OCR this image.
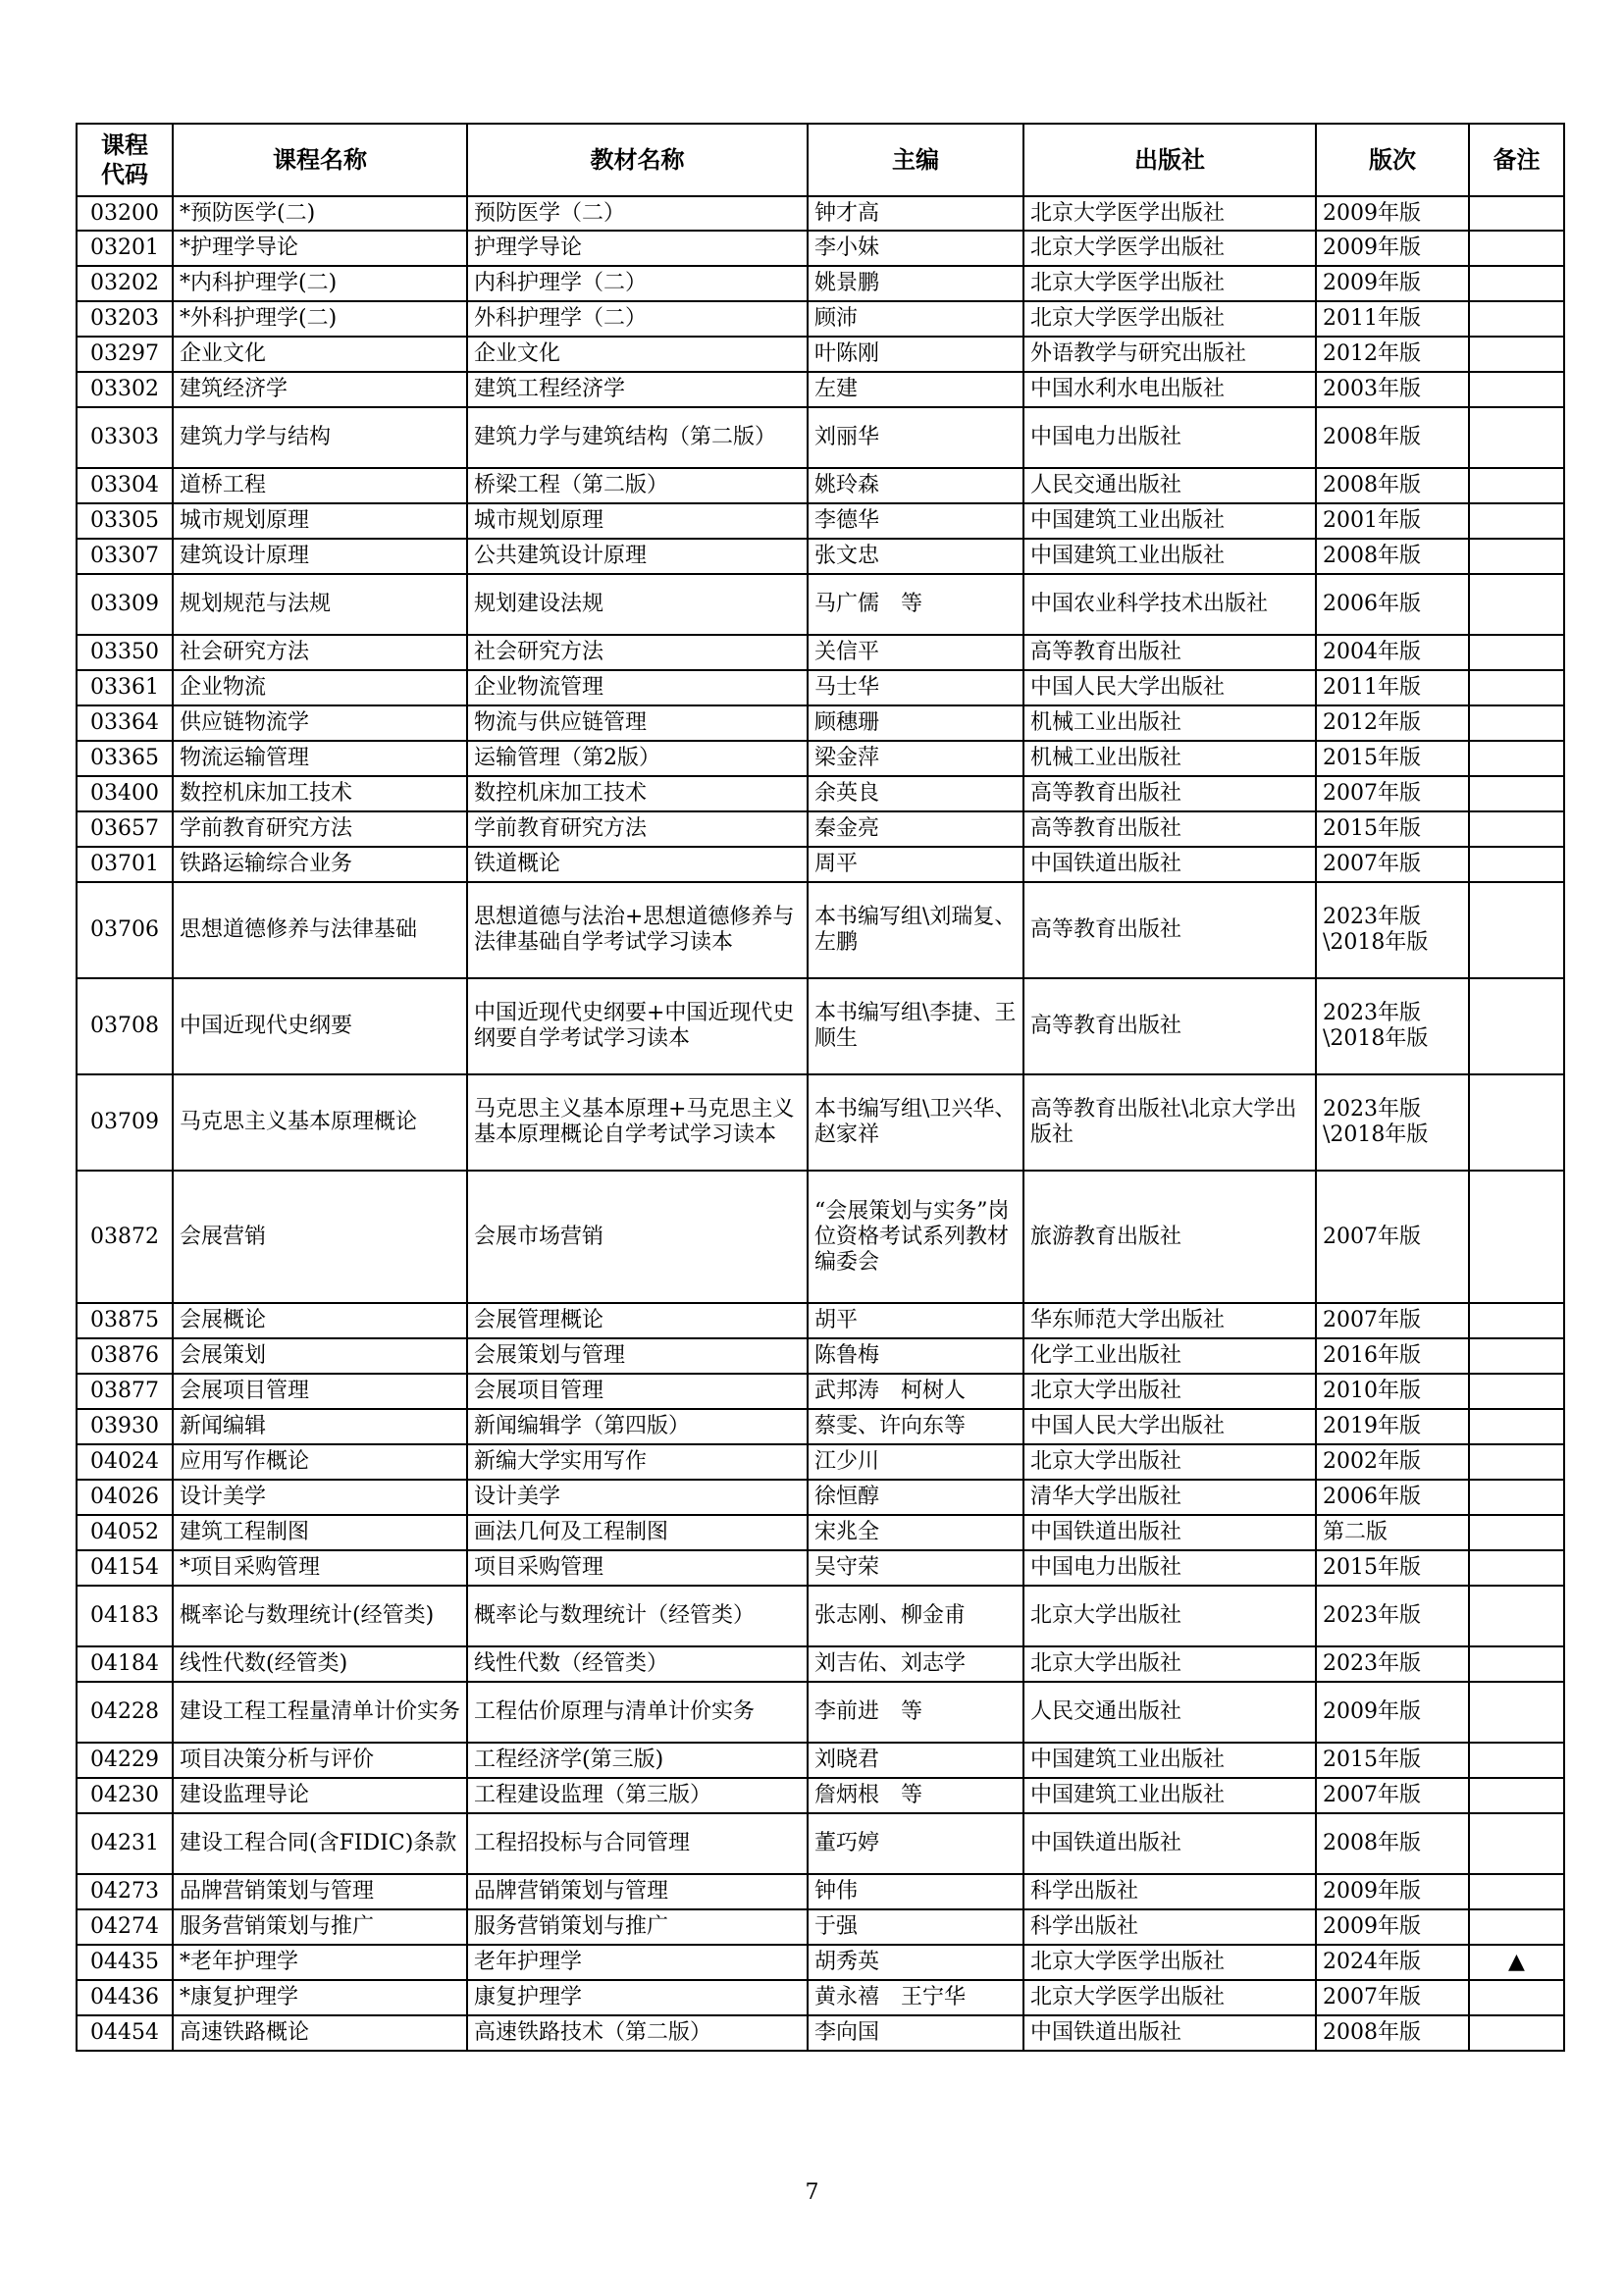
课程
代码	课程名称	教材名称	主编	出版社	版次	备注
03200	*预防医学(二)	预防医学（二）	钟才高	北京大学医学出版社	2009年版	
03201	*护理学导论	护理学导论	李小妹	北京大学医学出版社	2009年版	
03202	*内科护理学(二)	内科护理学（二）	姚景鹏	北京大学医学出版社	2009年版	
03203	*外科护理学(二)	外科护理学（二）	顾沛	北京大学医学出版社	2011年版	
03297	企业文化	企业文化	叶陈刚	外语教学与研究出版社	2012年版	
03302	建筑经济学	建筑工程经济学	左建	中国水利水电出版社	2003年版	
03303	建筑力学与结构	建筑力学与建筑结构（第二版）	刘丽华	中国电力出版社	2008年版	
03304	道桥工程	桥梁工程（第二版）	姚玲森	人民交通出版社	2008年版	
03305	城市规划原理	城市规划原理	李德华	中国建筑工业出版社	2001年版	
03307	建筑设计原理	公共建筑设计原理	张文忠	中国建筑工业出版社	2008年版	
03309	规划规范与法规	规划建设法规	马广儒　等	中国农业科学技术出版社	2006年版	
03350	社会研究方法	社会研究方法	关信平	高等教育出版社	2004年版	
03361	企业物流	企业物流管理	马士华	中国人民大学出版社	2011年版	
03364	供应链物流学	物流与供应链管理	顾穗珊	机械工业出版社	2012年版	
03365	物流运输管理	运输管理（第2版）	梁金萍	机械工业出版社	2015年版	
03400	数控机床加工技术	数控机床加工技术	余英良	高等教育出版社	2007年版	
03657	学前教育研究方法	学前教育研究方法	秦金亮	高等教育出版社	2015年版	
03701	铁路运输综合业务	铁道概论	周平	中国铁道出版社	2007年版	
03706	思想道德修养与法律基础	思想道德与法治+思想道德修养与法律基础自学考试学习读本	本书编写组\刘瑞复、左鹏	高等教育出版社	2023年版\2018年版	
03708	中国近现代史纲要	中国近现代史纲要+中国近现代史纲要自学考试学习读本	本书编写组\李捷、王顺生	高等教育出版社	2023年版\2018年版	
03709	马克思主义基本原理概论	马克思主义基本原理+马克思主义基本原理概论自学考试学习读本	本书编写组\卫兴华、赵家祥	高等教育出版社\北京大学出版社	2023年版\2018年版	
03872	会展营销	会展市场营销	“会展策划与实务”岗位资格考试系列教材编委会	旅游教育出版社	2007年版	
03875	会展概论	会展管理概论	胡平	华东师范大学出版社	2007年版	
03876	会展策划	会展策划与管理	陈鲁梅	化学工业出版社	2016年版	
03877	会展项目管理	会展项目管理	武邦涛　柯树人	北京大学出版社	2010年版	
03930	新闻编辑	新闻编辑学（第四版）	蔡雯、许向东等	中国人民大学出版社	2019年版	
04024	应用写作概论	新编大学实用写作	江少川	北京大学出版社	2002年版	
04026	设计美学	设计美学	徐恒醇	清华大学出版社	2006年版	
04052	建筑工程制图	画法几何及工程制图	宋兆全	中国铁道出版社	第二版	
04154	*项目采购管理	项目采购管理	吴守荣	中国电力出版社	2015年版	
04183	概率论与数理统计(经管类)	概率论与数理统计（经管类）	张志刚、柳金甫	北京大学出版社	2023年版	
04184	线性代数(经管类)	线性代数（经管类）	刘吉佑、刘志学	北京大学出版社	2023年版	
04228	建设工程工程量清单计价实务	工程估价原理与清单计价实务	李前进　等	人民交通出版社	2009年版	
04229	项目决策分析与评价	工程经济学(第三版)	刘晓君	中国建筑工业出版社	2015年版	
04230	建设监理导论	工程建设监理（第三版）	詹炳根　等	中国建筑工业出版社	2007年版	
04231	建设工程合同(含FIDIC)条款	工程招投标与合同管理	董巧婷	中国铁道出版社	2008年版	
04273	品牌营销策划与管理	品牌营销策划与管理	钟伟	科学出版社	2009年版	
04274	服务营销策划与推广	服务营销策划与推广	于强	科学出版社	2009年版	
04435	*老年护理学	老年护理学	胡秀英	北京大学医学出版社	2024年版	▲
04436	*康复护理学	康复护理学	黄永禧　王宁华	北京大学医学出版社	2007年版	
04454	高速铁路概论	高速铁路技术（第二版）	李向国	中国铁道出版社	2008年版	
7
